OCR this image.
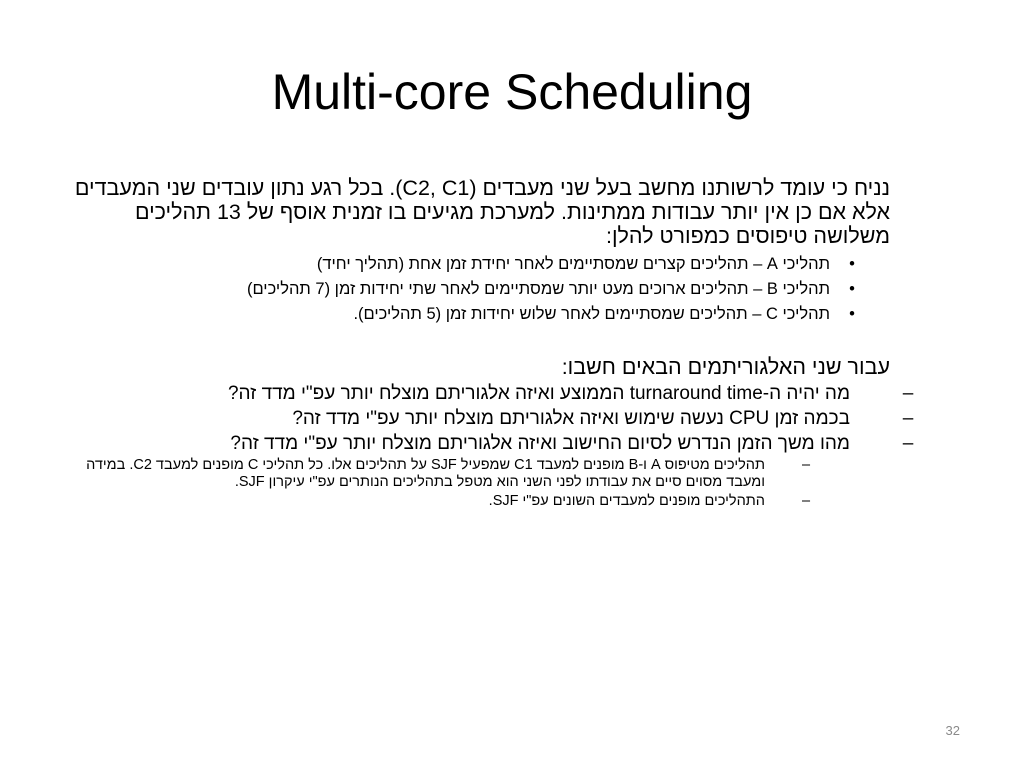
Multi-core Scheduling
נניח כי עומד לרשותנו מחשב בעל שני מעבדים (C2, C1). בכל רגע נתון עובדים שני המעבדים אלא אם כן אין יותר עבודות ממתינות. למערכת מגיעים בו זמנית אוסף של 13 תהליכים משלושה טיפוסים כמפורט להלן:
•
תהליכי A – תהליכים קצרים שמסתיימים לאחר יחידת זמן אחת (תהליך יחיד)
•
תהליכי B – תהליכים ארוכים מעט יותר שמסתיימים לאחר שתי יחידות זמן (7 תהליכים)
•
תהליכי C – תהליכים שמסתיימים לאחר שלוש יחידות זמן (5 תהליכים).
עבור שני האלגוריתמים הבאים חשבו:
–
מה יהיה ה-turnaround time הממוצע ואיזה אלגוריתם מוצלח יותר עפ"י מדד זה?
–
בכמה זמן CPU נעשה שימוש ואיזה אלגוריתם מוצלח יותר עפ"י מדד זה?
–
מהו משך הזמן הנדרש לסיום החישוב ואיזה אלגוריתם מוצלח יותר עפ"י מדד זה?
–
תהליכים מטיפוס A ו-B מופנים למעבד C1 שמפעיל SJF על תהליכים אלו. כל תהליכי C מופנים למעבד C2. במידה ומעבד מסוים סיים את עבודתו לפני השני הוא מטפל בתהליכים הנותרים עפ"י עיקרון SJF.
–
התהליכים מופנים למעבדים השונים עפ"י SJF.
32
